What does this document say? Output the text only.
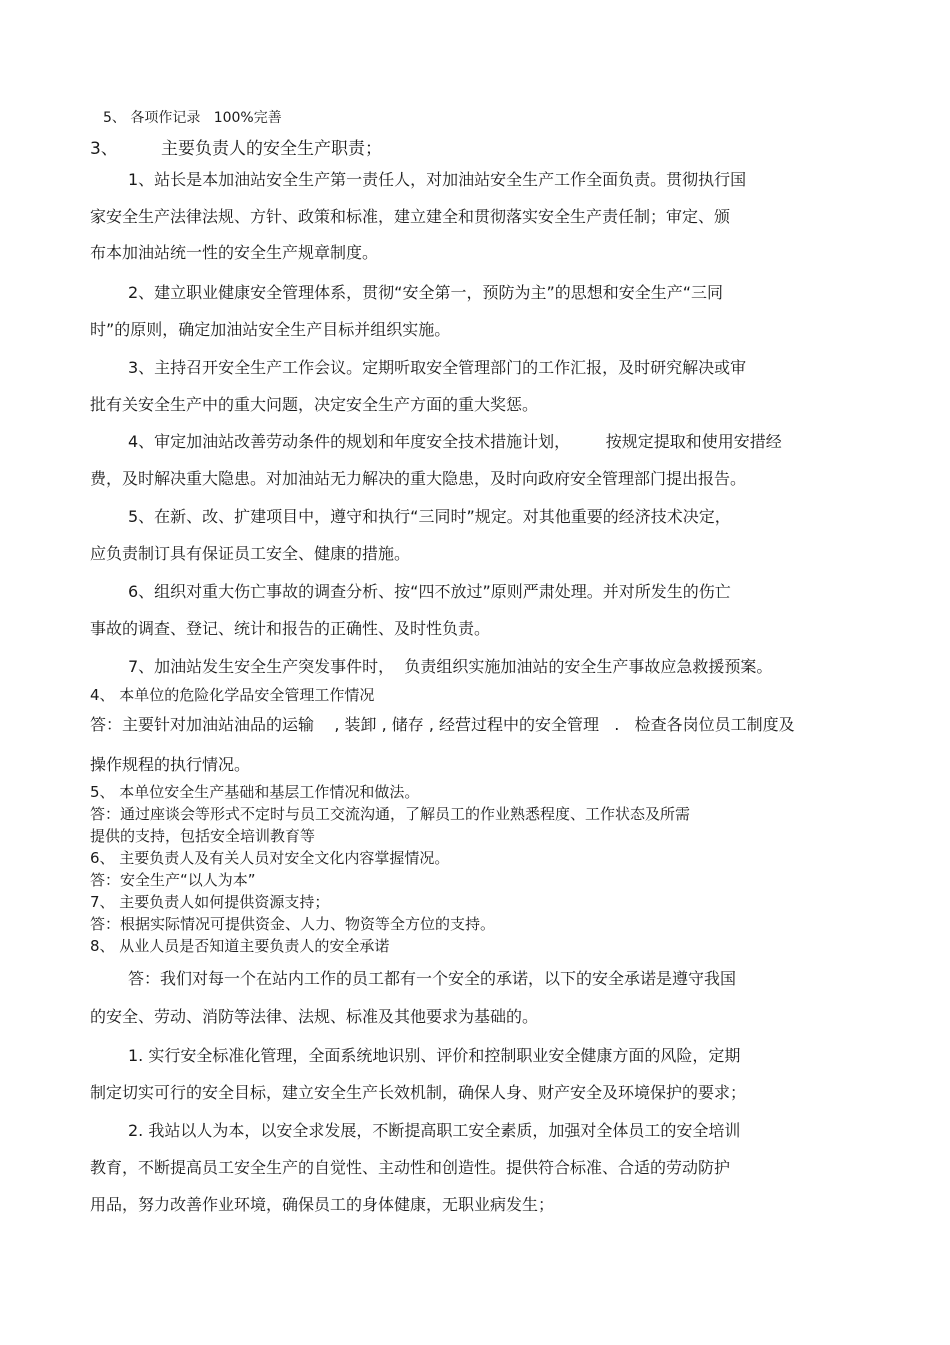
5、 各项作记录   100%完善

3、        主要负责人的安全生产职责；

1、站长是本加油站安全生产第一责任人，对加油站安全生产工作全面负责。贯彻执行国

家安全生产法律法规、方针、政策和标准，建立建全和贯彻落实安全生产责任制；审定、颁

布本加油站统一性的安全生产规章制度。

2、建立职业健康安全管理体系，贯彻“安全第一，预防为主”的思想和安全生产“三同

时”的原则，确定加油站安全生产目标并组织实施。

3、主持召开安全生产工作会议。定期听取安全管理部门的工作汇报，及时研究解决或审

批有关安全生产中的重大问题，决定安全生产方面的重大奖惩。

4、审定加油站改善劳动条件的规划和年度安全技术措施计划，       按规定提取和使用安措经

费，及时解决重大隐患。对加油站无力解决的重大隐患，及时向政府安全管理部门提出报告。

5、在新、改、扩建项目中，遵守和执行“三同时”规定。对其他重要的经济技术决定，

应负责制订具有保证员工安全、健康的措施。

6、组织对重大伤亡事故的调查分析、按“四不放过”原则严肃处理。并对所发生的伤亡

事故的调查、登记、统计和报告的正确性、及时性负责。

7、加油站发生安全生产突发事件时，  负责组织实施加油站的安全生产事故应急救援预案。

4、 本单位的危险化学品安全管理工作情况

答：主要针对加油站油品的运输    , 装卸 , 储存 , 经营过程中的安全管理   .   检查各岗位员工制度及

操作规程的执行情况。

5、 本单位安全生产基础和基层工作情况和做法。

答：通过座谈会等形式不定时与员工交流沟通，了解员工的作业熟悉程度、工作状态及所需

提供的支持，包括安全培训教育等

6、 主要负责人及有关人员对安全文化内容掌握情况。

答：安全生产“以人为本”

7、 主要负责人如何提供资源支持；

答：根据实际情况可提供资金、人力、物资等全方位的支持。

8、 从业人员是否知道主要负责人的安全承诺

答：我们对每一个在站内工作的员工都有一个安全的承诺，以下的安全承诺是遵守我国

的安全、劳动、消防等法律、法规、标准及其他要求为基础的。

1. 实行安全标准化管理，全面系统地识别、评价和控制职业安全健康方面的风险，定期

制定切实可行的安全目标，建立安全生产长效机制，确保人身、财产安全及环境保护的要求；

2. 我站以人为本，以安全求发展，不断提高职工安全素质，加强对全体员工的安全培训

教育，不断提高员工安全生产的自觉性、主动性和创造性。提供符合标准、合适的劳动防护

用品，努力改善作业环境，确保员工的身体健康，无职业病发生；
